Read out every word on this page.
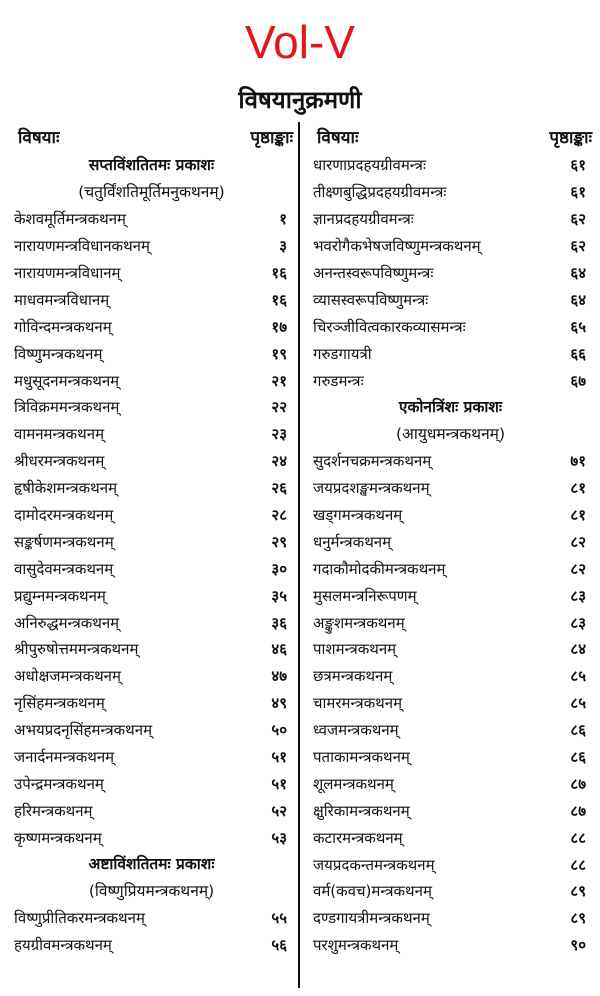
Vol-V
विषयानुक्रमणी
विषयाः	पृष्ठाङ्काः
सप्तविंशतितमः प्रकाशः
(चतुर्विंशतिमूर्तिमनुकथनम्)
केशवमूर्तिमन्त्रकथनम्	१
नारायणमन्त्रविधानकथनम्	३
नारायणमन्त्रविधानम्	१६
माधवमन्त्रविधानम्	१६
गोविन्दमन्त्रकथनम्	१७
विष्णुमन्त्रकथनम्	१९
मधुसूदनमन्त्रकथनम्	२१
त्रिविक्रममन्त्रकथनम्	२२
वामनमन्त्रकथनम्	२३
श्रीधरमन्त्रकथनम्	२४
हृषीकेशमन्त्रकथनम्	२६
दामोदरमन्त्रकथनम्	२८
सङ्कर्षणमन्त्रकथनम्	२९
वासुदेवमन्त्रकथनम्	३०
प्रद्युम्नमन्त्रकथनम्	३५
अनिरुद्धमन्त्रकथनम्	३६
श्रीपुरुषोत्तममन्त्रकथनम्	४६
अधोक्षजमन्त्रकथनम्	४७
नृसिंहमन्त्रकथनम्	४९
अभयप्रदनृसिंहमन्त्रकथनम्	५०
जनार्दनमन्त्रकथनम्	५१
उपेन्द्रमन्त्रकथनम्	५१
हरिमन्त्रकथनम्	५२
कृष्णमन्त्रकथनम्	५३
अष्टाविंशतितमः प्रकाशः
(विष्णुप्रियमन्त्रकथनम्)
विष्णुप्रीतिकरमन्त्रकथनम्	५५
हयग्रीवमन्त्रकथनम्	५६
विषयाः	पृष्ठाङ्काः
धारणाप्रदहयग्रीवमन्त्रः	६१
तीक्ष्णबुद्धिप्रदहयग्रीवमन्त्रः	६१
ज्ञानप्रदहयग्रीवमन्त्रः	६२
भवरोगैकभेषजविष्णुमन्त्रकथनम्	६२
अनन्तस्वरूपविष्णुमन्त्रः	६४
व्यासस्वरूपविष्णुमन्त्रः	६४
चिरञ्जीवित्वकारकव्यासमन्त्रः	६५
गरुडगायत्री	६६
गरुडमन्त्रः	६७
एकोनत्रिंशः प्रकाशः
(आयुधमन्त्रकथनम्)
सुदर्शनचक्रमन्त्रकथनम्	७१
जयप्रदशङ्खमन्त्रकथनम्	८१
खड्गमन्त्रकथनम्	८१
धनुर्मन्त्रकथनम्	८२
गदाकौमोदकीमन्त्रकथनम्	८२
मुसलमन्त्रनिरूपणम्	८३
अङ्कुशमन्त्रकथनम्	८३
पाशमन्त्रकथनम्	८४
छत्रमन्त्रकथनम्	८५
चामरमन्त्रकथनम्	८५
ध्वजमन्त्रकथनम्	८६
पताकामन्त्रकथनम्	८६
शूलमन्त्रकथनम्	८७
क्षुरिकामन्त्रकथनम्	८७
कटारमन्त्रकथनम्	८८
जयप्रदकन्तमन्त्रकथनम्	८८
वर्म(कवच)मन्त्रकथनम्	८९
दण्डगायत्रीमन्त्रकथनम्	८९
परशुमन्त्रकथनम्	९०
